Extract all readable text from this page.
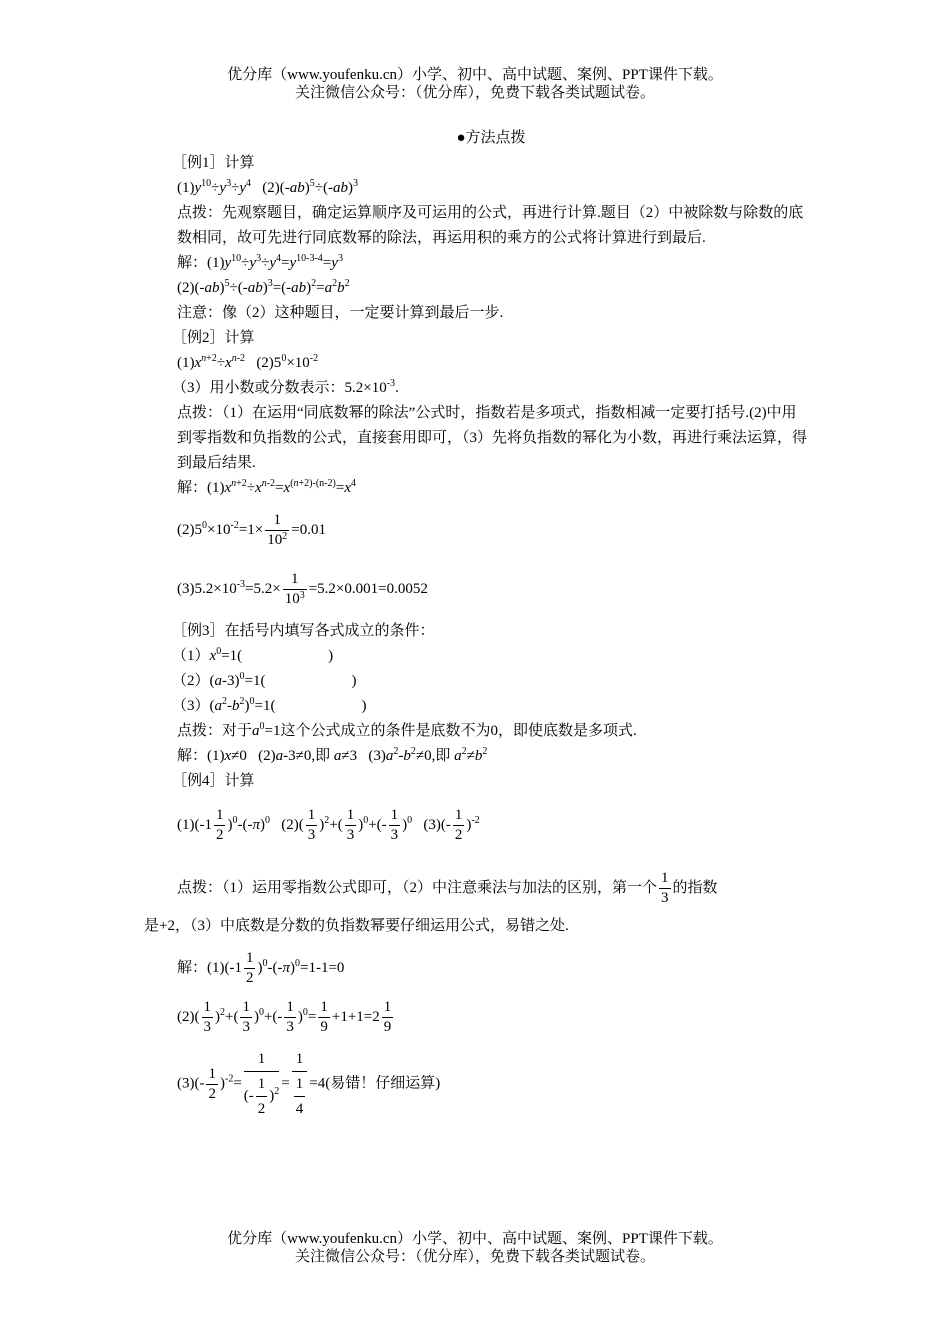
优分库（www.youfenku.cn）小学、初中、高中试题、案例、PPT课件下载。
关注微信公众号：（优分库），免费下载各类试题试卷。
●方法点拨

［例1］计算

$(1)y^{10}\div y^3\div y^4$   $(2)(-ab)^5\div(-ab)^3$

点拨：先观察题目，确定运算顺序及可运用的公式，再进行计算.题目（2）中被除数与除数的底数相同，故可先进行同底数幂的除法，再运用积的乘方的公式将计算进行到最后.

解：$(1)y^{10}\div y^3\div y^4=y^{10-3-4}=y^3$

$(2)(-ab)^5\div(-ab)^3=(-ab)^2=a^2b^2$

注意：像（2）这种题目，一定要计算到最后一步.

［例2］计算

$(1)x^{n+2}\div x^{n-2}$   $(2)5^0\times 10^{-2}$

（3）用小数或分数表示：$5.2\times 10^{-3}$.

点拨：（1）在运用“同底数幂的除法”公式时，指数若是多项式，指数相减一定要打括号.(2)中用到零指数和负指数的公式，直接套用即可，（3）先将负指数的幂化为小数，再进行乘法运算，得到最后结果.

解：$(1)x^{n+2}\div x^{n-2}=x^{(n+2)-(n-2)}=x^4$

$(2)5^0\times 10^{-2}=1\times \frac{1}{10^2} =0.01$

$(3)5.2\times 10^{-3}=5.2\times \frac{1}{10^3} =5.2\times 0.001=0.0052$

［例3］在括号内填写各式成立的条件：

$(1)x^0=1$(	)

$(2)(a-3)^0=1$(	)

$(3)(a^2-b^2)^0=1$(	)

点拨：对于$a^0=1$这个公式成立的条件是底数不为0，即使底数是多项式.

解：(1)x≠0   (2)a-3≠0,即 a≠3   $(3)a^2-b^2\ne 0$,即 $a^2\ne b^2$

［例4］计算

$(1)(-1 \frac{1}{2} )^0-(-\pi)^0$   $(2)( \frac{1}{3} )^2+( \frac{1}{3} )^0+(- \frac{1}{3} )^0$   $(3)(- \frac{1}{2} )^{-2}$

点拨：（1）运用零指数公式即可，（2）中注意乘法与加法的区别，第一个 $\frac{1}{3}$ 的指数

是+2，（3）中底数是分数的负指数幂要仔细运用公式，易错之处.

解：$(1)(-1 \frac{1}{2} )^0-(-\pi)^0=1-1=0$

$(2)( \frac{1}{3} )^2+( \frac{1}{3} )^0+(- \frac{1}{3} )^0= \frac{1}{9} +1+1=2 \frac{1}{9}$

$(3)(- \frac{1}{2} )^{-2}= \frac{1}{(- \frac{1}{2} )^2} = \frac{1}{\frac{1}{4}} =4$(易错！仔细运算)

优分库（www.youfenku.cn）小学、初中、高中试题、案例、PPT课件下载。
关注微信公众号：（优分库），免费下载各类试题试卷。
